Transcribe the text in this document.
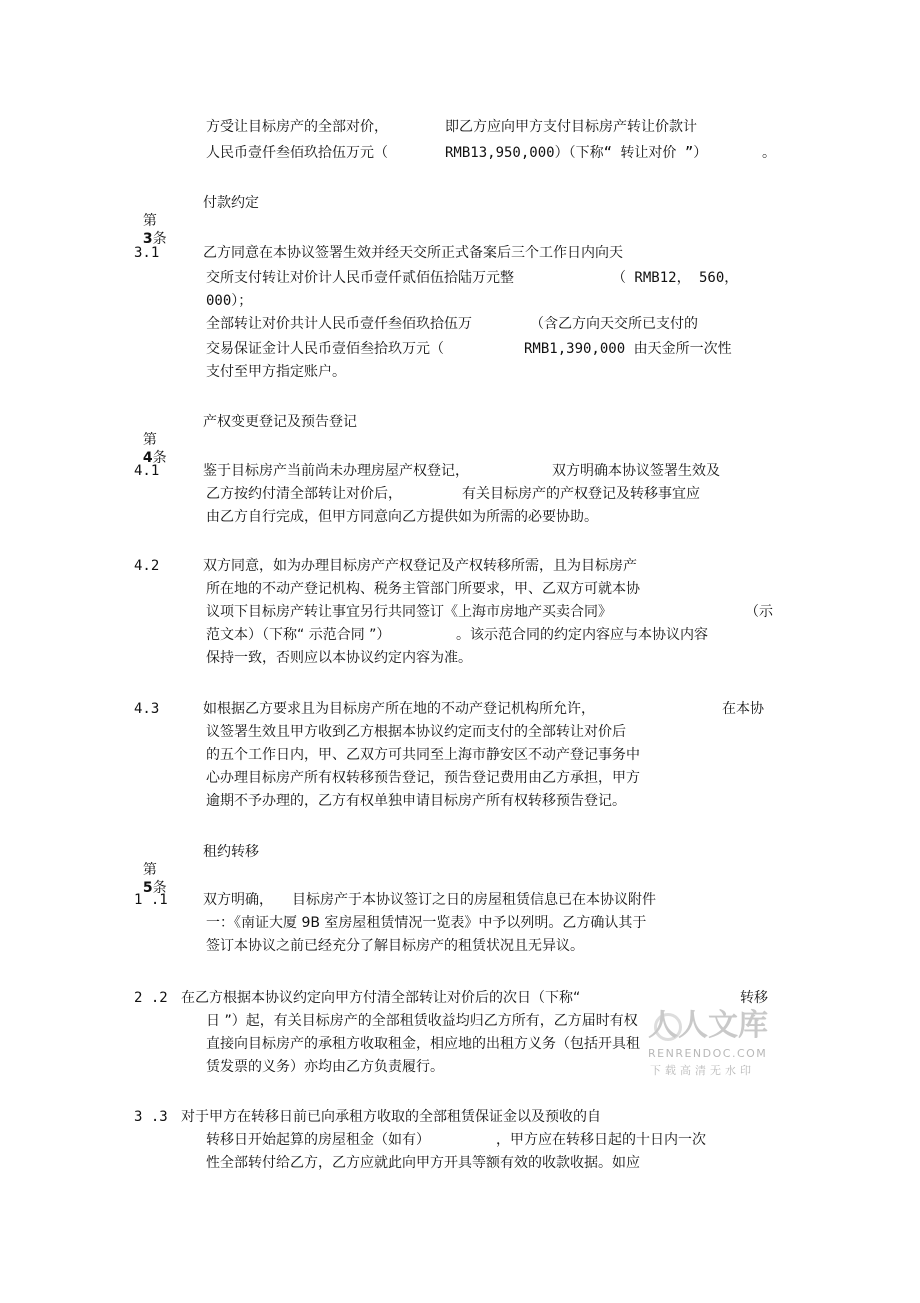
方受让目标房产的全部对价，	即乙方应向甲方支付目标房产转让价款计
人民币壹仟叁佰玖拾伍万元（	RMB13,950,000）（下称“ 转让对价 ”）	。

第
3条

付款约定
3.1	乙方同意在本协议签署生效并经天交所正式备案后三个工作日内向天
交所支付转让对价计人民币壹仟贰佰伍拾陆万元整	（ RMB12， 560，
000）；
全部转让对价共计人民币壹仟叁佰玖拾伍万	（含乙方向天交所已支付的
交易保证金计人民币壹佰叁拾玖万元（	RMB1,390,000 由天金所一次性
支付至甲方指定账户。

第
4条

产权变更登记及预告登记
4.1	鉴于目标房产当前尚未办理房屋产权登记，	双方明确本协议签署生效及
乙方按约付清全部转让对价后，	有关目标房产的产权登记及转移事宜应
由乙方自行完成，但甲方同意向乙方提供如为所需的必要协助。
4.2	双方同意，如为办理目标房产产权登记及产权转移所需，且为目标房产
所在地的不动产登记机构、税务主管部门所要求，甲、乙双方可就本协
议项下目标房产转让事宜另行共同签订《上海市房地产买卖合同》	（示
范文本）（下称“ 示范合同 ”）	。该示范合同的约定内容应与本协议内容
保持一致，否则应以本协议约定内容为准。
4.3	如根据乙方要求且为目标房产所在地的不动产登记机构所允许，	在本协
议签署生效且甲方收到乙方根据本协议约定而支付的全部转让对价后
的五个工作日内，甲、乙双方可共同至上海市静安区不动产登记事务中
心办理目标房产所有权转移预告登记，预告登记费用由乙方承担，甲方
逾期不予办理的，乙方有权单独申请目标房产所有权转移预告登记。

第
5条

租约转移
1 .1	双方明确， 目标房产于本协议签订之日的房屋租赁信息已在本协议附件
一：《南证大厦 9B 室房屋租赁情况一览表》中予以列明。乙方确认其于
签订本协议之前已经充分了解目标房产的租赁状况且无异议。
2 .2 在乙方根据本协议约定向甲方付清全部转让对价后的次日（下称“	转移
日 ”）起，有关目标房产的全部租赁收益均归乙方所有，乙方届时有权
直接向目标房产的承租方收取租金，相应地的出租方义务（包括开具租
赁发票的义务）亦均由乙方负责履行。
3 .3 对于甲方在转移日前已向承租方收取的全部租赁保证金以及预收的自
转移日开始起算的房屋租金（如有）	，甲方应在转移日起的十日内一次
性全部转付给乙方，乙方应就此向甲方开具等额有效的收款收据。如应
人人文库
RENRENDOC.COM
下载高清无水印
